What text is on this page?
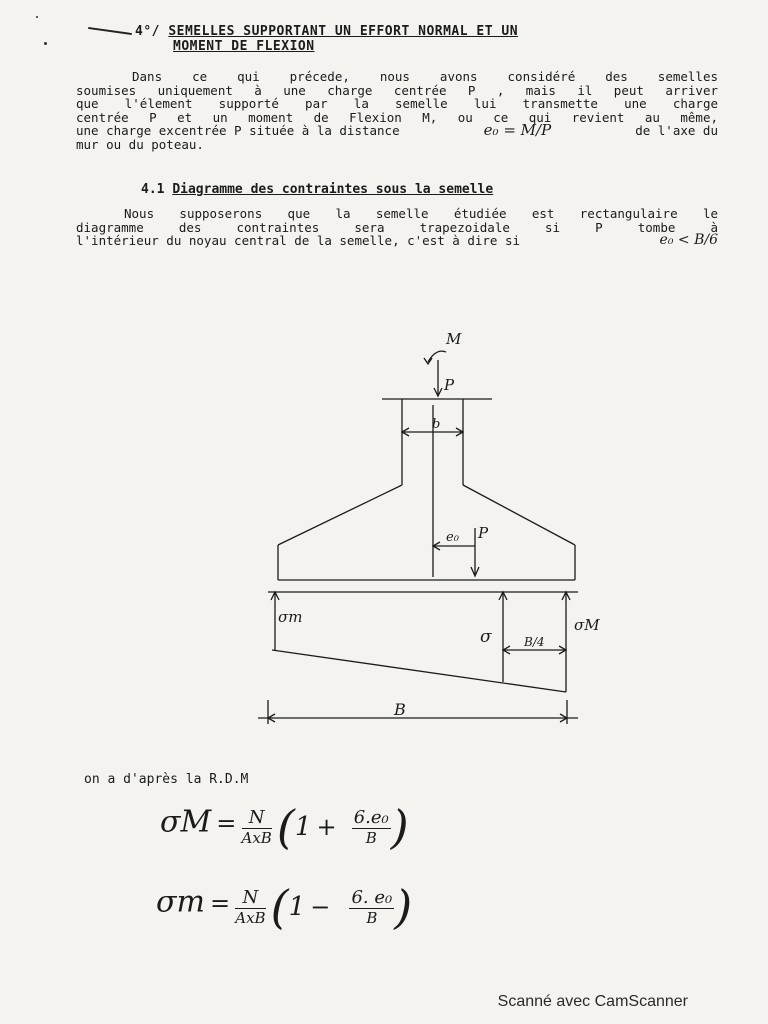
4°/ SEMELLES SUPPORTANT UN EFFORT NORMAL ET UN
MOMENT DE FLEXION
Dans ce qui précede, nous avons considéré des semelles
soumises uniquement à une charge centrée P , mais il peut arriver
que l'élement supporté par la semelle lui transmette une charge
centrée P et un moment de Flexion M, ou ce qui revient au même,
une charge excentrée P située à la distance	e₀ = M/P	de l'axe du
mur ou du poteau.
4.1 Diagramme des contraintes sous la semelle
Nous supposerons que la semelle étudiée est rectangulaire le
diagramme des contraintes sera trapezoidale si P tombe à
l'intérieur du noyau central de la semelle, c'est à dire si	e₀ < B/6
M
P
b
e₀ P
σm	σM
σ	B/4
B
on a d'après la R.D.M
$\sigma M = \frac{N}{\text{AxB}} (1 + \frac{\text{6.e₀}}{B}$ )
$\sigma m = \frac{N}{\text{AxB}} (1 - \frac{\text{6. e₀}}{B}$ )
Scanné avec CamScanner
